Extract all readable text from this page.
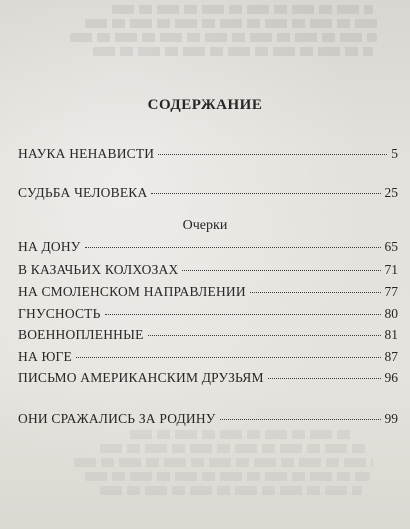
СОДЕРЖАНИЕ
НАУКА НЕНАВИСТИ	5
СУДЬБА ЧЕЛОВЕКА	25
Очерки
НА ДОНУ	65
В КАЗАЧЬИХ КОЛХОЗАХ	71
НА СМОЛЕНСКОМ НАПРАВЛЕНИИ	77
ГНУСНОСТЬ	80
ВОЕННОПЛЕННЫЕ	81
НА ЮГЕ	87
ПИСЬМО АМЕРИКАНСКИМ ДРУЗЬЯМ	96
ОНИ СРАЖАЛИСЬ ЗА РОДИНУ	99
